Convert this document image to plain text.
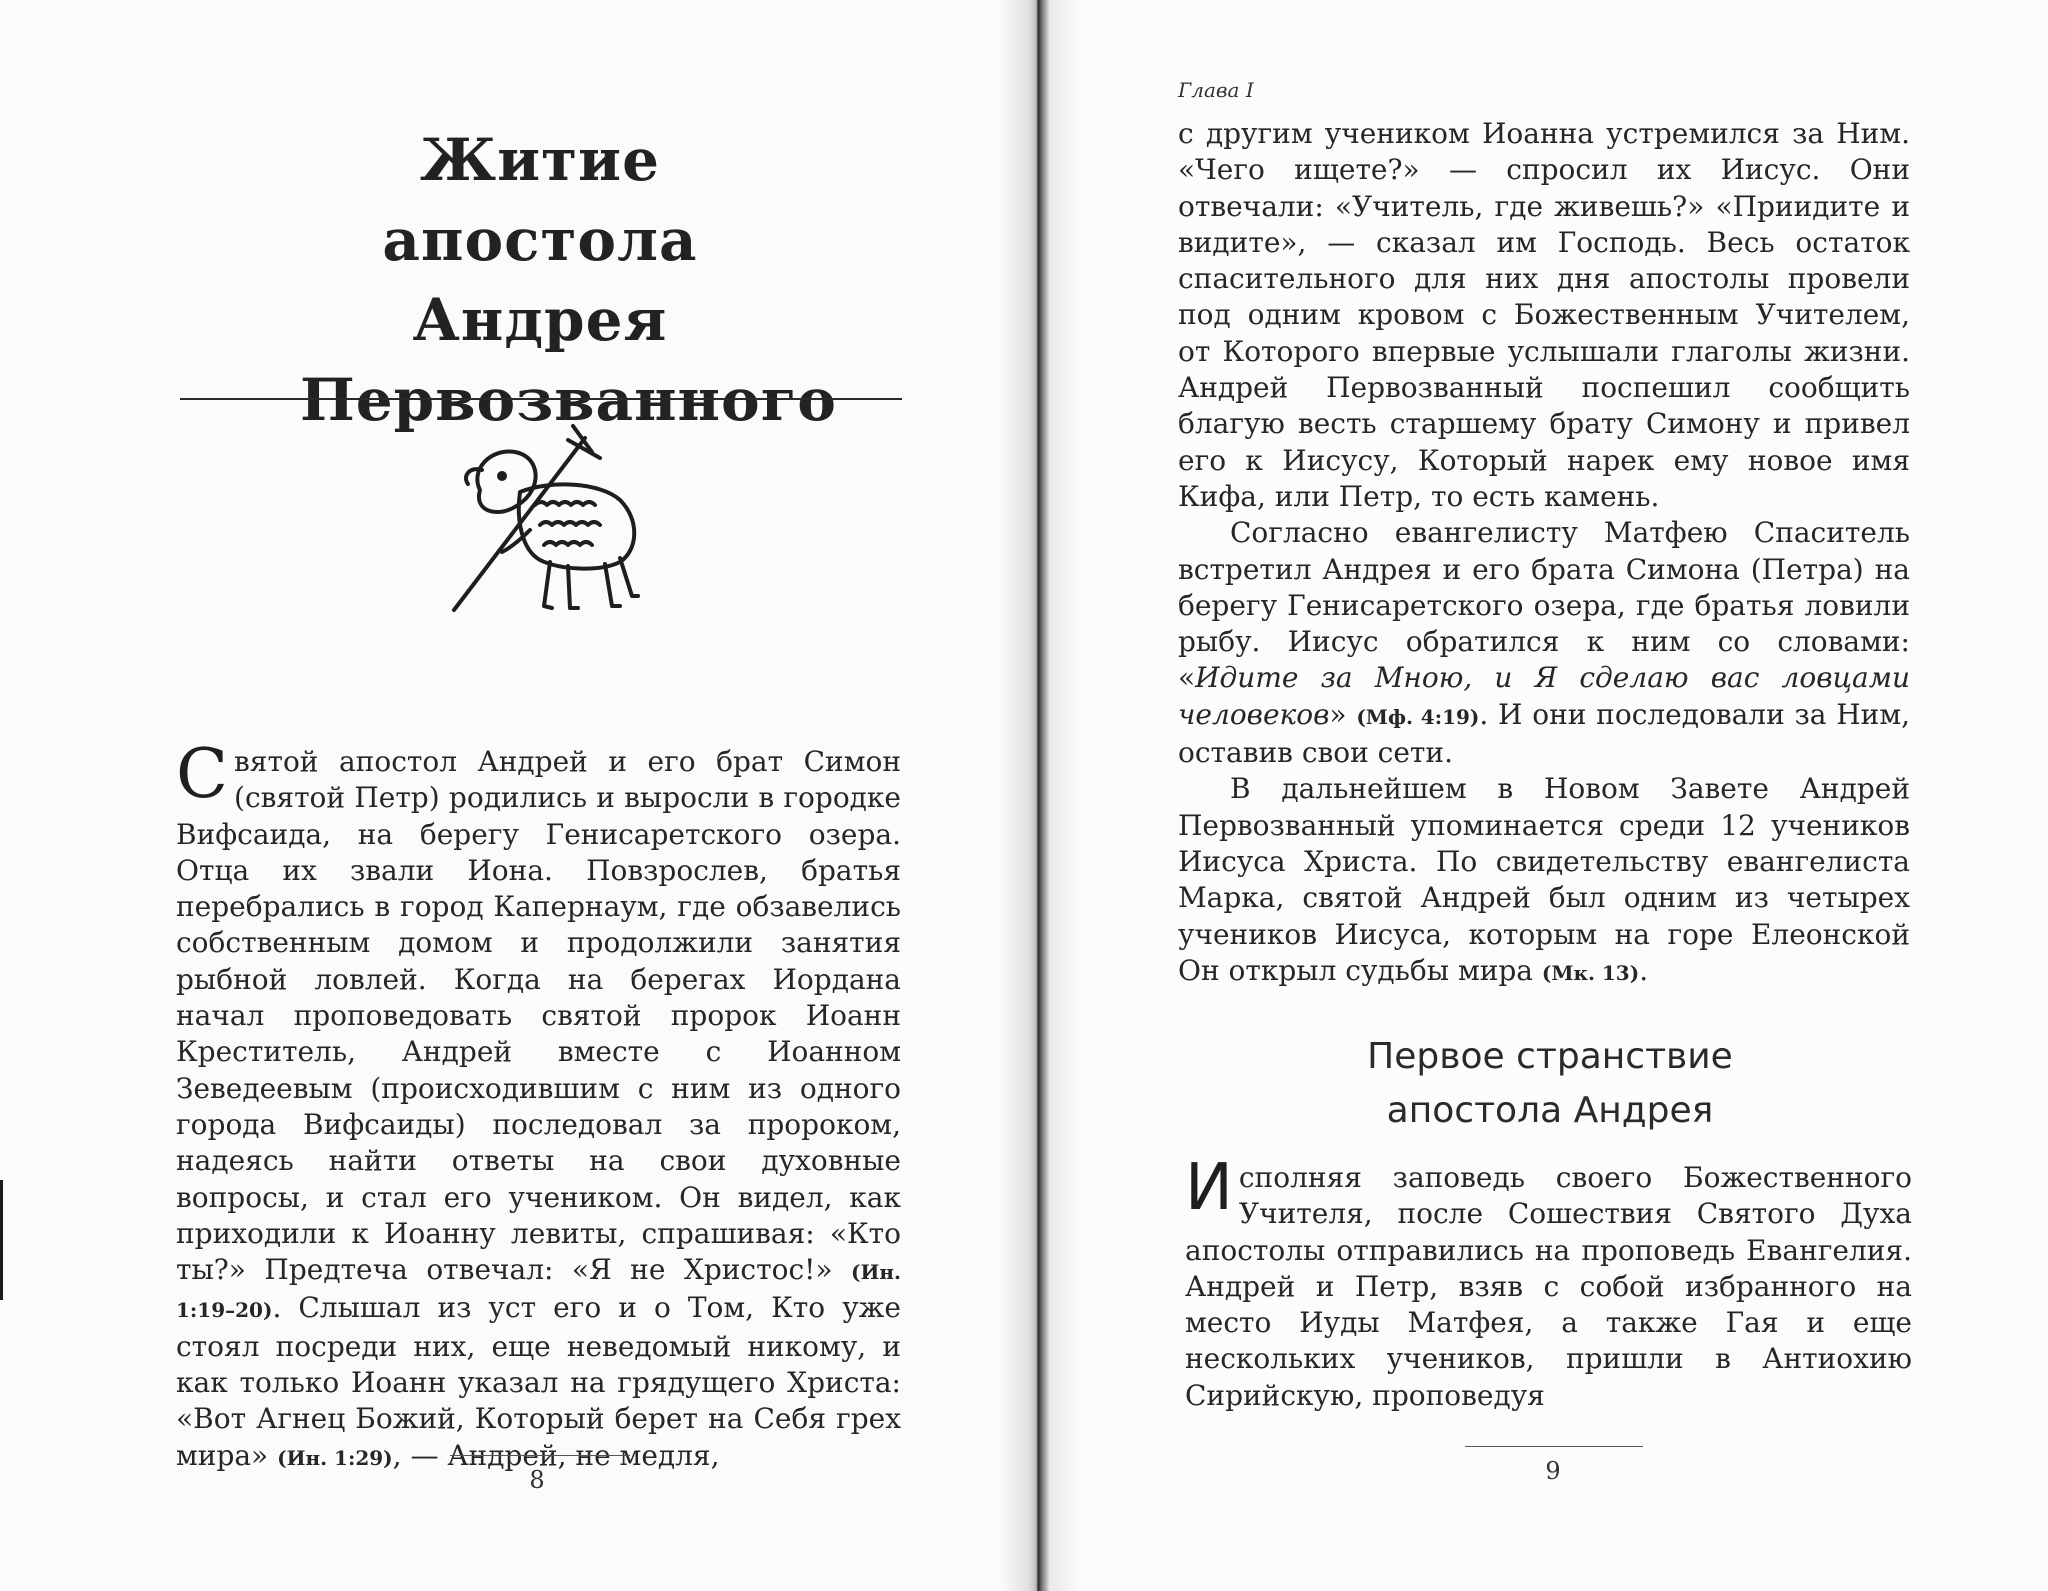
Житие
апостола
Андрея
Первозванного
Святой апостол Андрей и его брат Симон (святой Петр) родились и выросли в городке Вифсаида, на берегу Генисаретского озера. Отца их звали Иона. Повзрослев, братья перебрались в город Капернаум, где обзавелись собственным домом и продолжили занятия рыбной ловлей. Когда на берегах Иордана начал проповедовать святой пророк Иоанн Креститель, Андрей вместе с Иоанном Зеведеевым (происходившим с ним из одного города Вифсаиды) последовал за пророком, надеясь найти ответы на свои духовные вопросы, и стал его учеником. Он видел, как приходили к Иоанну левиты, спрашивая: «Кто ты?» Предтеча отвечал: «Я не Христос!» (Ин. 1:19–20). Слышал из уст его и о Том, Кто уже стоял посреди них, еще неведомый никому, и как только Иоанн указал на грядущего Христа: «Вот Агнец Божий, Который берет на Себя грех мира» (Ин. 1:29), — Андрей, не медля,
8
Глава I

с другим учеником Иоанна устремился за Ним. «Чего ищете?» — спросил их Иисус. Они отвечали: «Учитель, где живешь?» «Приидите и видите», — сказал им Господь. Весь остаток спасительного для них дня апостолы провели под одним кровом с Божественным Учителем, от Которого впервые услышали глаголы жизни. Андрей Первозванный поспешил сообщить благую весть старшему брату Симону и привел его к Иисусу, Который нарек ему новое имя Кифа, или Петр, то есть камень.

Согласно евангелисту Матфею Спаситель встретил Андрея и его брата Симона (Петра) на берегу Генисаретского озера, где братья ловили рыбу. Иисус обратился к ним со словами: «Идите за Мною, и Я сделаю вас ловцами человеков» (Мф. 4:19). И они последовали за Ним, оставив свои сети.

В дальнейшем в Новом Завете Андрей Первозванный упоминается среди 12 учеников Иисуса Христа. По свидетельству евангелиста Марка, святой Андрей был одним из четырех учеников Иисуса, которым на горе Елеонской Он открыл судьбы мира (Мк. 13).

Первое странствие
апостола Андрея
Исполняя заповедь своего Божественного Учителя, после Сошествия Святого Духа апостолы отправились на проповедь Евангелия. Андрей и Петр, взяв с собой избранного на место Иуды Матфея, а также Гая и еще нескольких учеников, пришли в Антиохию Сирийскую, проповедуя
9
